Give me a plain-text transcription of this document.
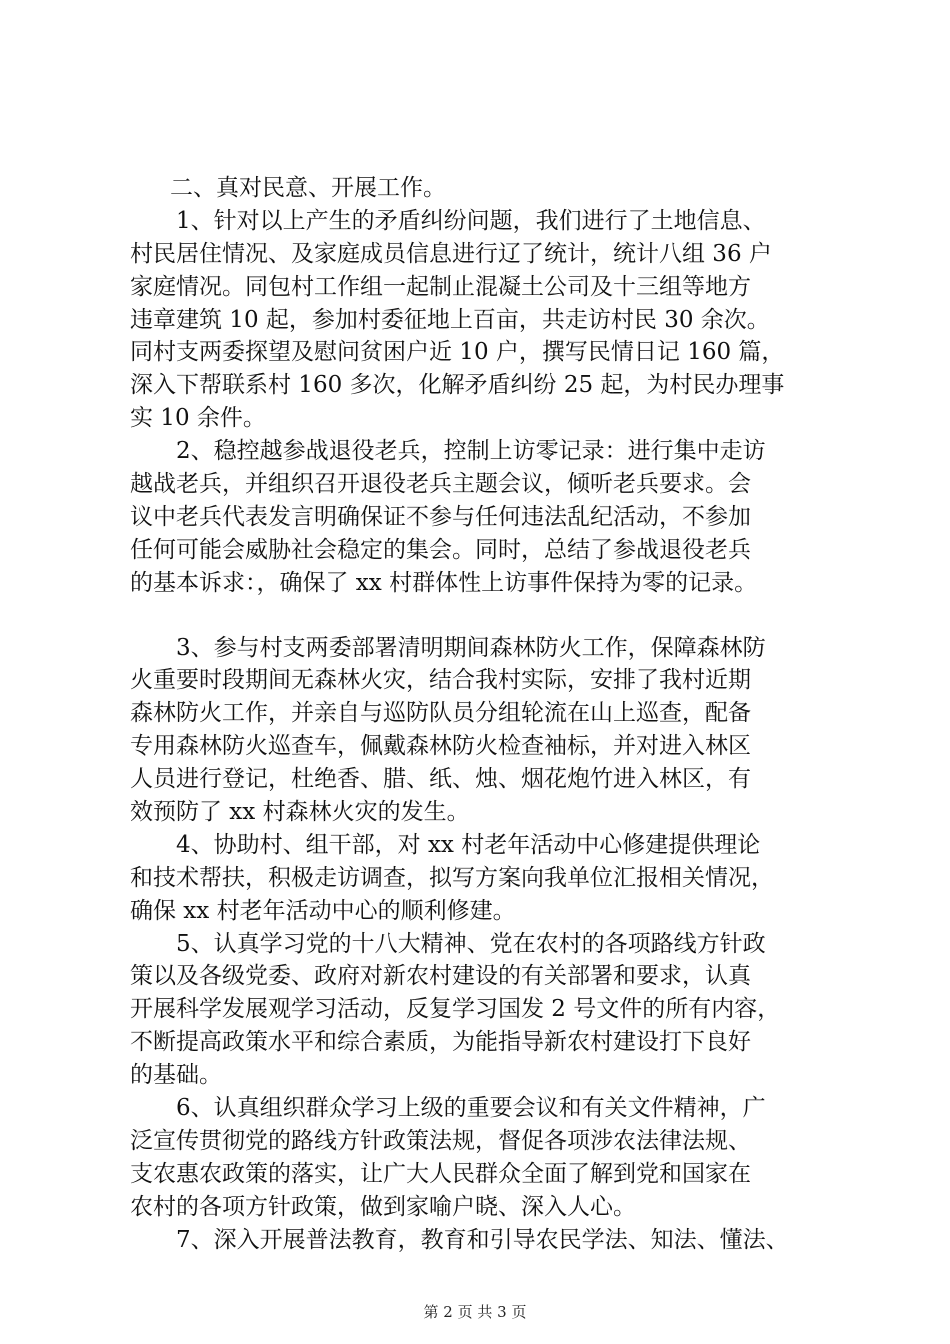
二、真对民意、开展工作。
1、针对以上产生的矛盾纠纷问题，我们进行了土地信息、
村民居住情况、及家庭成员信息进行辽了统计，统计八组 36 户
家庭情况。同包村工作组一起制止混凝土公司及十三组等地方
违章建筑 10 起，参加村委征地上百亩，共走访村民 30 余次。
同村支两委探望及慰问贫困户近 10 户，撰写民情日记 160 篇，
深入下帮联系村 160 多次，化解矛盾纠纷 25 起，为村民办理事
实 10 余件。
2、稳控越参战退役老兵，控制上访零记录：进行集中走访
越战老兵，并组织召开退役老兵主题会议，倾听老兵要求。会
议中老兵代表发言明确保证不参与任何违法乱纪活动，不参加
任何可能会威胁社会稳定的集会。同时，总结了参战退役老兵
的基本诉求：，确保了 xx 村群体性上访事件保持为零的记录。
3、参与村支两委部署清明期间森林防火工作，保障森林防
火重要时段期间无森林火灾，结合我村实际，安排了我村近期
森林防火工作，并亲自与巡防队员分组轮流在山上巡查，配备
专用森林防火巡查车，佩戴森林防火检查袖标，并对进入林区
人员进行登记，杜绝香、腊、纸、烛、烟花炮竹进入林区，有
效预防了 xx 村森林火灾的发生。
4、协助村、组干部，对 xx 村老年活动中心修建提供理论
和技术帮扶，积极走访调查，拟写方案向我单位汇报相关情况，
确保 xx 村老年活动中心的顺利修建。
5、认真学习党的十八大精神、党在农村的各项路线方针政
策以及各级党委、政府对新农村建设的有关部署和要求，认真
开展科学发展观学习活动，反复学习国发 2 号文件的所有内容，
不断提高政策水平和综合素质，为能指导新农村建设打下良好
的基础。
6、认真组织群众学习上级的重要会议和有关文件精神，广
泛宣传贯彻党的路线方针政策法规，督促各项涉农法律法规、
支农惠农政策的落实，让广大人民群众全面了解到党和国家在
农村的各项方针政策，做到家喻户晓、深入人心。
7、深入开展普法教育，教育和引导农民学法、知法、懂法、
第 2 页 共 3 页
